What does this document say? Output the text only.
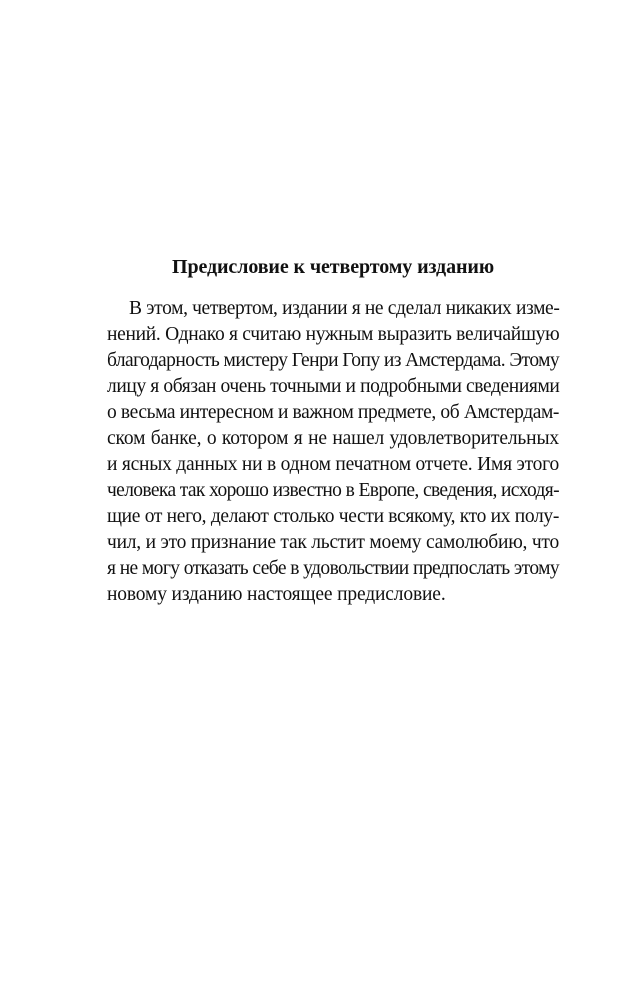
Предисловие к четвертому изданию
В этом, четвертом, издании я не сделал никаких изме-
нений. Однако я считаю нужным выразить величайшую
благодарность мистеру Генри Гопу из Амстердама. Этому
лицу я обязан очень точными и подробными сведениями
о весьма интересном и важном предмете, об Амстердам-
ском банке, о котором я не нашел удовлетворительных
и ясных данных ни в одном печатном отчете. Имя этого
человека так хорошо известно в Европе, сведения, исходя-
щие от него, делают столько чести всякому, кто их полу-
чил, и это признание так льстит моему самолюбию, что
я не могу отказать себе в удовольствии предпослать этому
новому изданию настоящее предисловие.
